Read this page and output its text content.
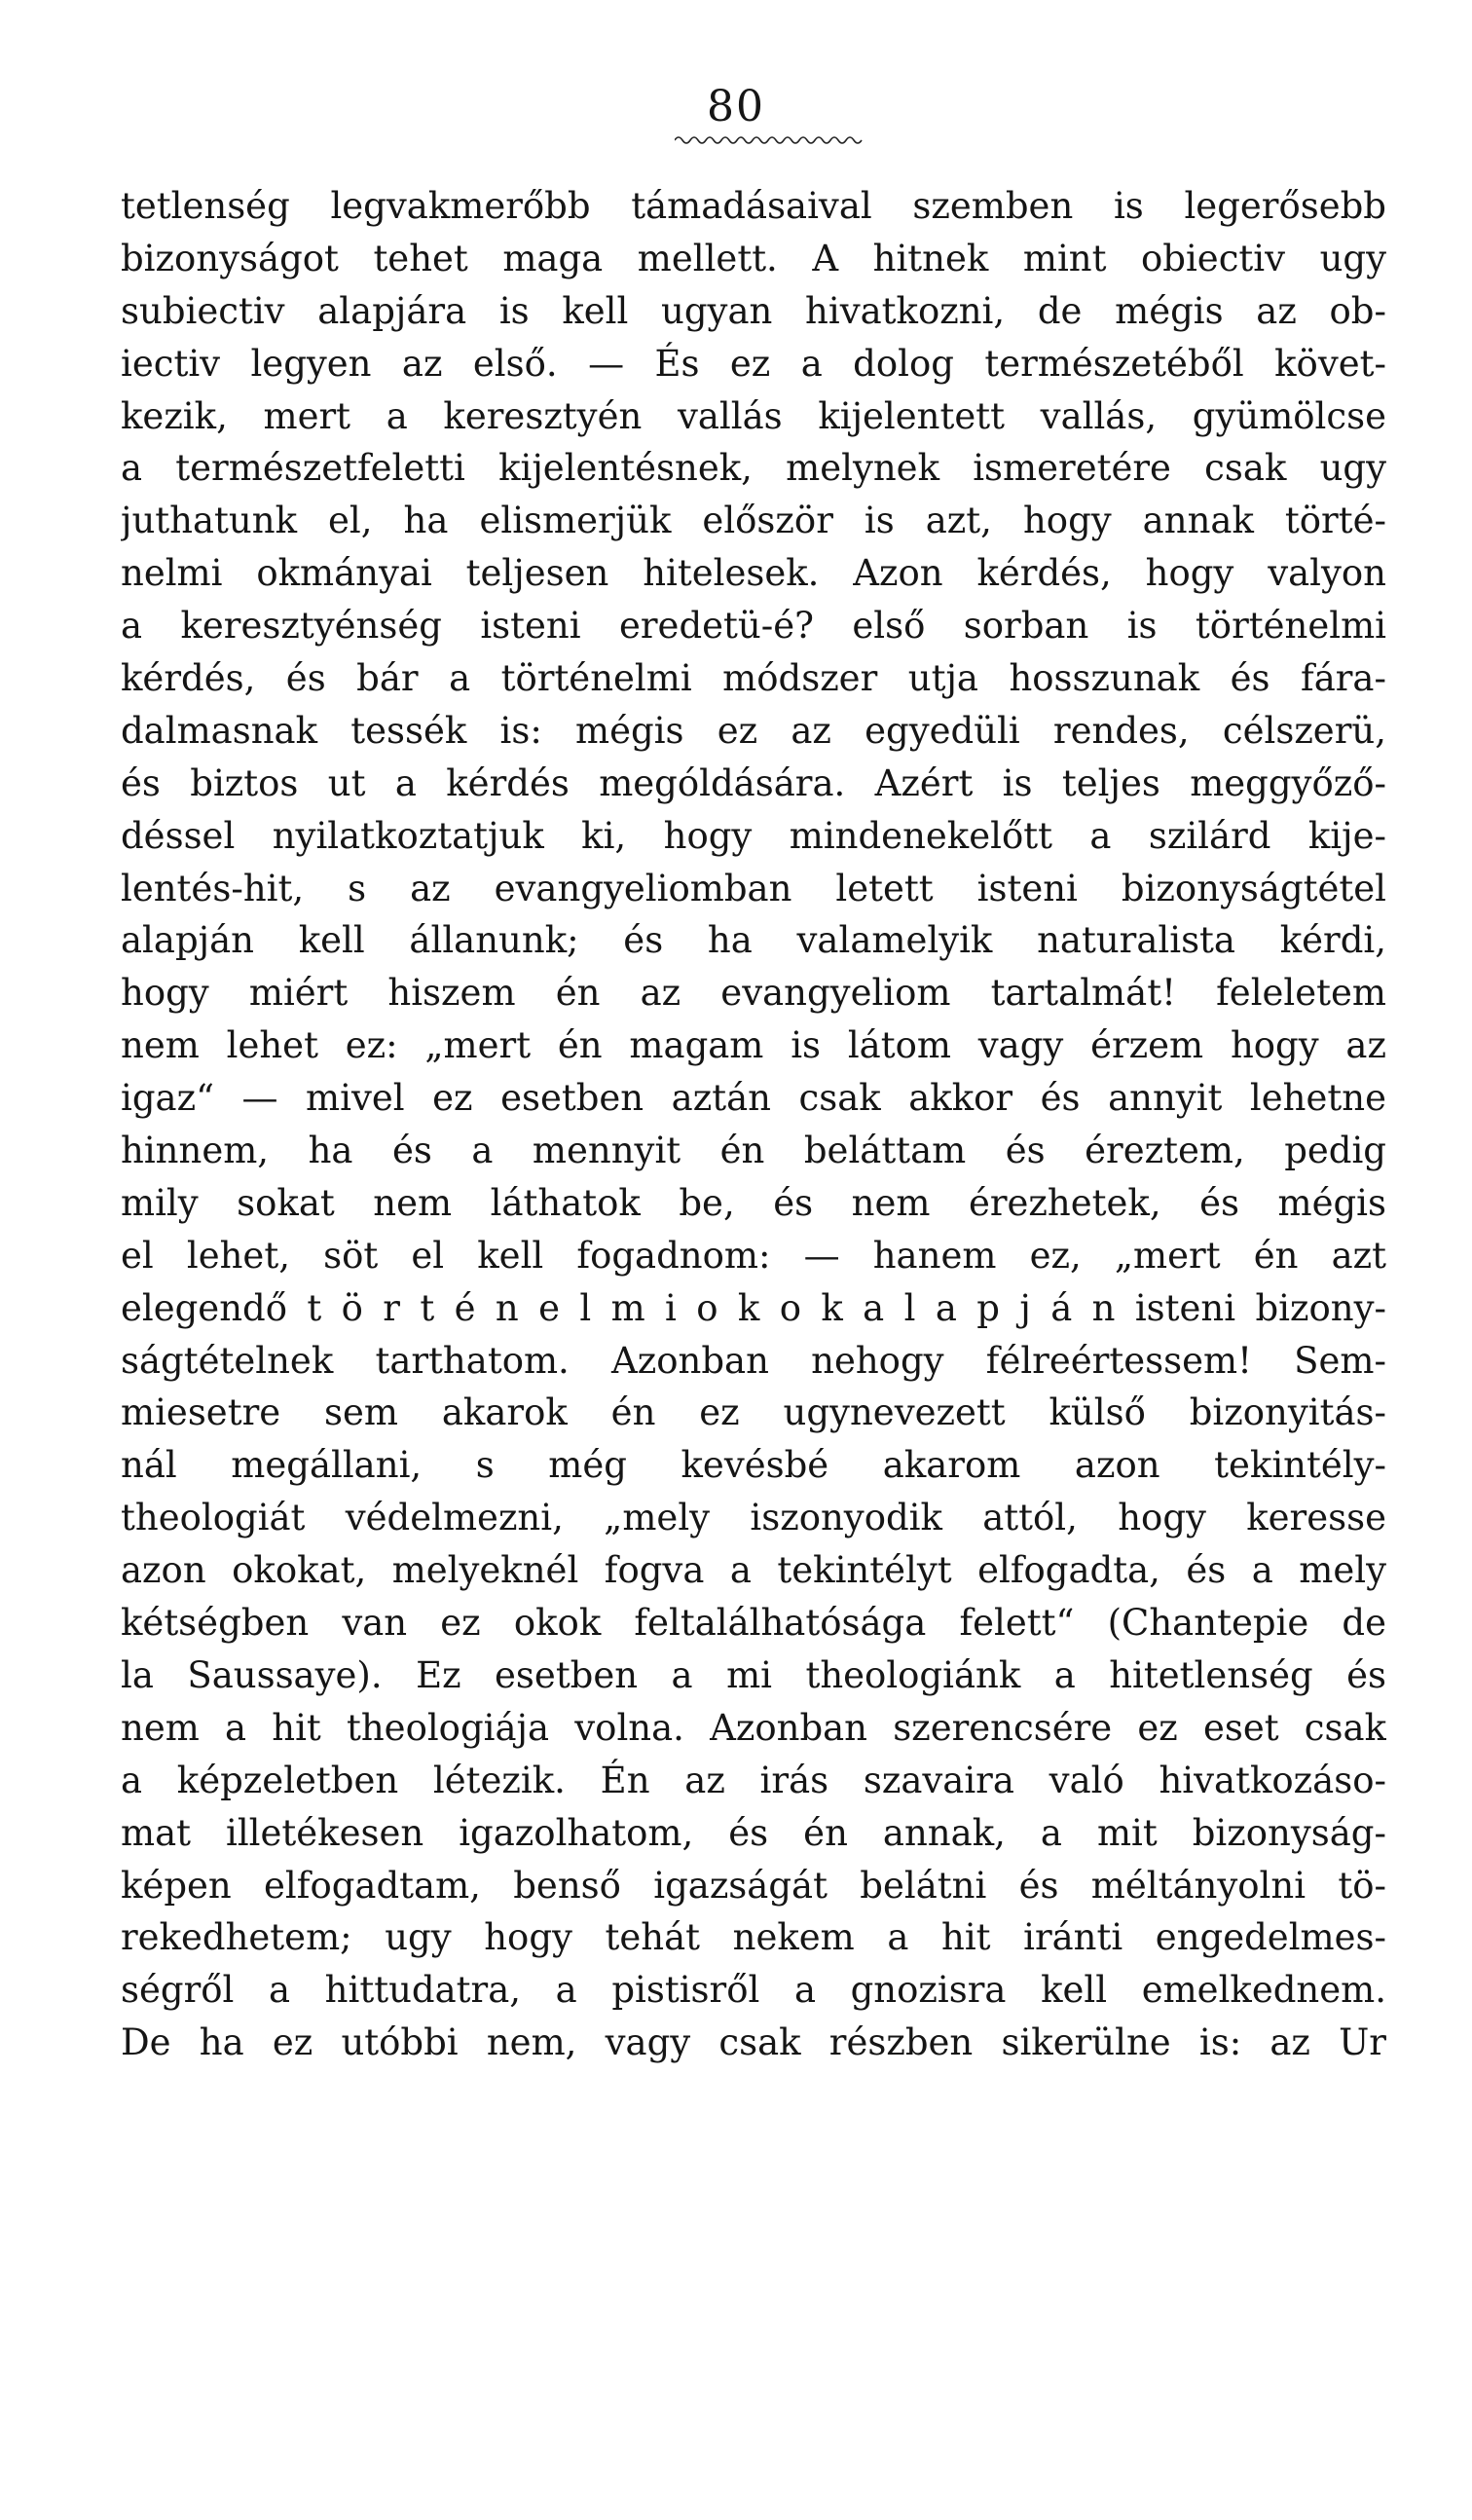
80
tetlenség legvakmerőbb támadásaival szemben is legerősebb
bizonyságot tehet maga mellett. A hitnek mint obiectiv ugy
subiectiv alapjára is kell ugyan hivatkozni, de mégis az ob-
iectiv legyen az első. — És ez a dolog természetéből követ-
kezik, mert a keresztyén vallás kijelentett vallás, gyümölcse
a természetfeletti kijelentésnek, melynek ismeretére csak ugy
juthatunk el, ha elismerjük először is azt, hogy annak törté-
nelmi okmányai teljesen hitelesek. Azon kérdés, hogy valyon
a keresztyénség isteni eredetü-é? első sorban is történelmi
kérdés, és bár a történelmi módszer utja hosszunak és fára-
dalmasnak tessék is: mégis ez az egyedüli rendes, célszerü,
és biztos ut a kérdés mególdására. Azért is teljes meggyőző-
déssel nyilatkoztatjuk ki, hogy mindenekelőtt a szilárd kije-
lentés-hit, s az evangyeliomban letett isteni bizonyságtétel
alapján kell állanunk; és ha valamelyik naturalista kérdi,
hogy miért hiszem én az evangyeliom tartalmát! feleletem
nem lehet ez: „mert én magam is látom vagy érzem hogy az
igaz“ — mivel ez esetben aztán csak akkor és annyit lehetne
hinnem, ha és a mennyit én beláttam és éreztem, pedig
mily sokat nem láthatok be, és nem érezhetek, és mégis
el lehet, söt el kell fogadnom: — hanem ez, „mert én azt
elegendő t ö r t é n e l m i o k o k a l a p j á n isteni bizony-
ságtételnek tarthatom. Azonban nehogy félreértessem! Sem-
miesetre sem akarok én ez ugynevezett külső bizonyitás-
nál megállani, s még kevésbé akarom azon tekintély-
theologiát védelmezni, „mely iszonyodik attól, hogy keresse
azon okokat, melyeknél fogva a tekintélyt elfogadta, és a mely
kétségben van ez okok feltalálhatósága felett“ (Chantepie de
la Saussaye). Ez esetben a mi theologiánk a hitetlenség és
nem a hit theologiája volna. Azonban szerencsére ez eset csak
a képzeletben létezik. Én az irás szavaira való hivatkozáso-
mat illetékesen igazolhatom, és én annak, a mit bizonyság-
képen elfogadtam, benső igazságát belátni és méltányolni tö-
rekedhetem; ugy hogy tehát nekem a hit iránti engedelmes-
ségről a hittudatra, a pistisről a gnozisra kell emelkednem.
De ha ez utóbbi nem, vagy csak részben sikerülne is: az Ur
